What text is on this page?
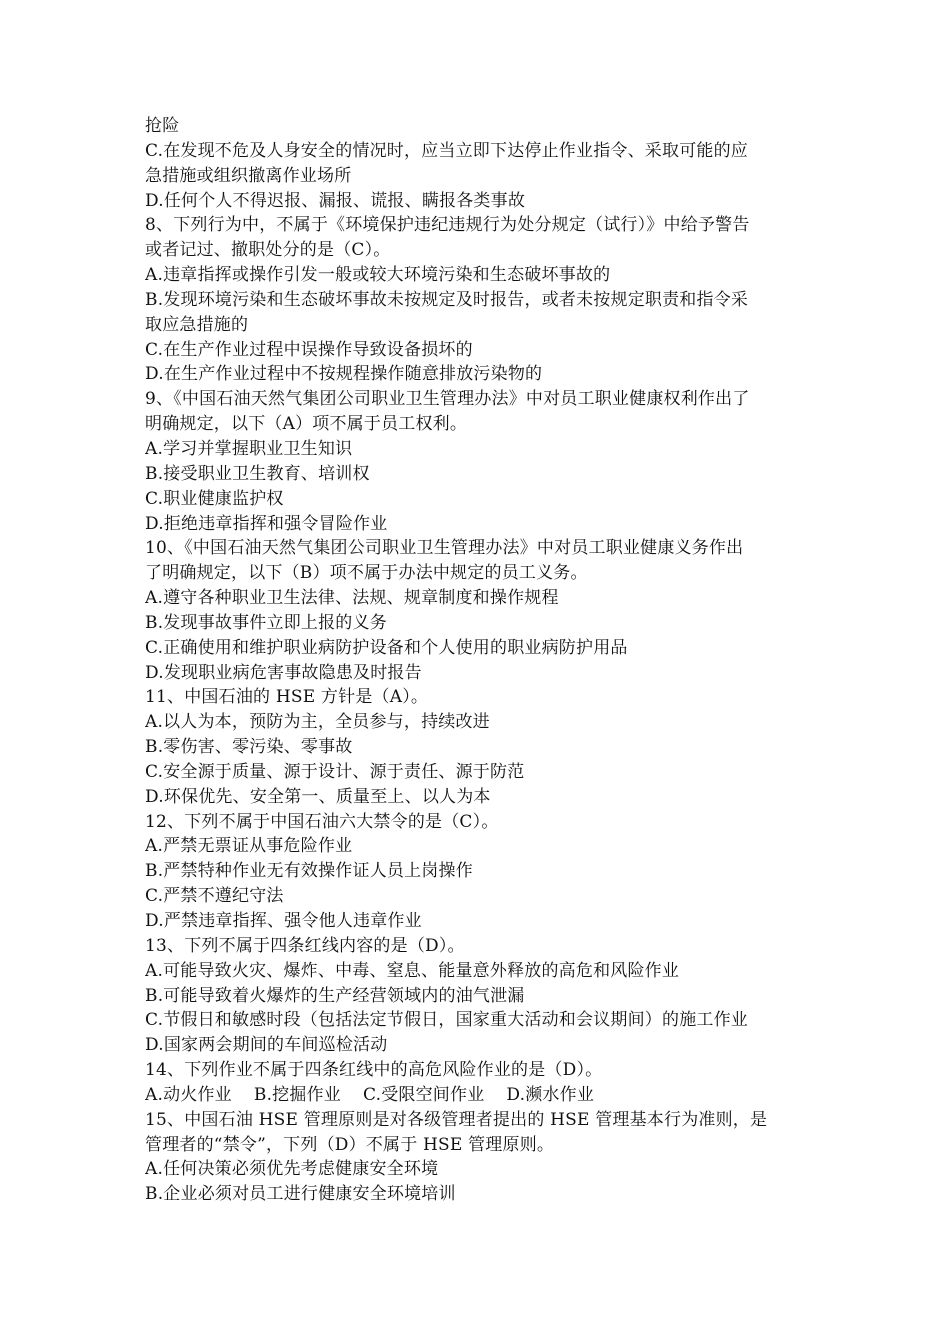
抢险
C.在发现不危及人身安全的情况时，应当立即下达停止作业指令、采取可能的应
急措施或组织撤离作业场所
D.任何个人不得迟报、漏报、谎报、瞒报各类事故
8、下列行为中，不属于《环境保护违纪违规行为处分规定（试行）》中给予警告
或者记过、撤职处分的是（C）。
A.违章指挥或操作引发一般或较大环境污染和生态破坏事故的
B.发现环境污染和生态破坏事故未按规定及时报告，或者未按规定职责和指令采
取应急措施的
C.在生产作业过程中误操作导致设备损坏的
D.在生产作业过程中不按规程操作随意排放污染物的
9、《中国石油天然气集团公司职业卫生管理办法》中对员工职业健康权利作出了
明确规定，以下（A）项不属于员工权利。
A.学习并掌握职业卫生知识
B.接受职业卫生教育、培训权
C.职业健康监护权
D.拒绝违章指挥和强令冒险作业
10、《中国石油天然气集团公司职业卫生管理办法》中对员工职业健康义务作出
了明确规定，以下（B）项不属于办法中规定的员工义务。
A.遵守各种职业卫生法律、法规、规章制度和操作规程
B.发现事故事件立即上报的义务
C.正确使用和维护职业病防护设备和个人使用的职业病防护用品
D.发现职业病危害事故隐患及时报告
11、中国石油的 HSE 方针是（A）。
A.以人为本，预防为主，全员参与，持续改进
B.零伤害、零污染、零事故
C.安全源于质量、源于设计、源于责任、源于防范
D.环保优先、安全第一、质量至上、以人为本
12、下列不属于中国石油六大禁令的是（C）。
A.严禁无票证从事危险作业
B.严禁特种作业无有效操作证人员上岗操作
C.严禁不遵纪守法
D.严禁违章指挥、强令他人违章作业
13、下列不属于四条红线内容的是（D）。
A.可能导致火灾、爆炸、中毒、窒息、能量意外释放的高危和风险作业
B.可能导致着火爆炸的生产经营领域内的油气泄漏
C.节假日和敏感时段（包括法定节假日，国家重大活动和会议期间）的施工作业
D.国家两会期间的车间巡检活动
14、下列作业不属于四条红线中的高危风险作业的是（D）。
A.动火作业 B.挖掘作业 C.受限空间作业 D.濒水作业
15、中国石油 HSE 管理原则是对各级管理者提出的 HSE 管理基本行为准则，是
管理者的“禁令”，下列（D）不属于 HSE 管理原则。
A.任何决策必须优先考虑健康安全环境
B.企业必须对员工进行健康安全环境培训
